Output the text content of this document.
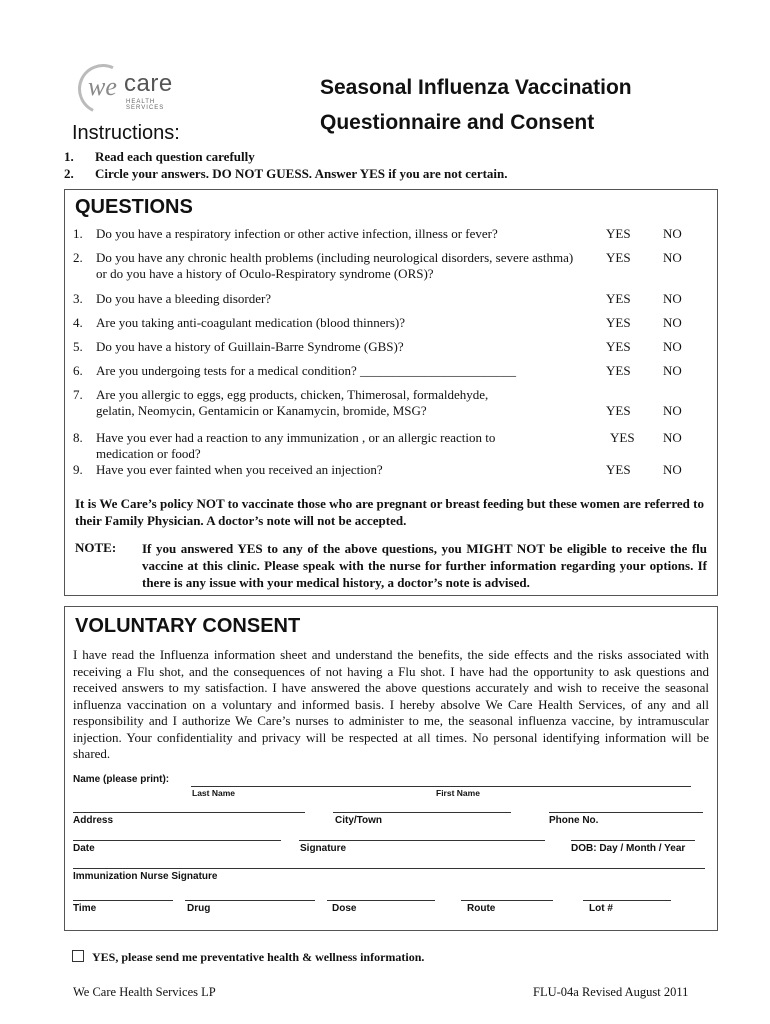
we care
HEALTH SERVICES
Seasonal Influenza Vaccination
Questionnaire and Consent
Instructions:
1. Read each question carefully
2. Circle your answers. DO NOT GUESS. Answer YES if you are not certain.
QUESTIONS
1. Do you have a respiratory infection or other active infection, illness or fever?	YES NO
2. Do you have any chronic health problems (including neurological disorders, severe asthma)
or do you have a history of Oculo-Respiratory syndrome (ORS)?
YES NO
3. Do you have a bleeding disorder?	YES NO
4. Are you taking anti-coagulant medication (blood thinners)?	YES NO
5. Do you have a history of Guillain-Barre Syndrome (GBS)?	YES NO
6. Are you undergoing tests for a medical condition? ________________________	YES NO
7. Are you allergic to eggs, egg products, chicken, Thimerosal, formaldehyde,
gelatin, Neomycin, Gentamicin or Kanamycin, bromide, MSG?	YES NO
8. Have you ever had a reaction to any immunization , or an allergic reaction to
medication or food?
YES NO
9. Have you ever fainted when you received an injection?	YES NO
It is We Care’s policy NOT to vaccinate those who are pregnant or breast feeding but these women are referred to their Family Physician. A doctor’s note will not be accepted.
NOTE: If you answered YES to any of the above questions, you MIGHT NOT be eligible to receive the flu vaccine at this clinic. Please speak with the nurse for further information regarding your options. If there is any issue with your medical history, a doctor’s note is advised.
VOLUNTARY CONSENT
I have read the Influenza information sheet and understand the benefits, the side effects and the risks associated with receiving a Flu shot, and the consequences of not having a Flu shot. I have had the opportunity to ask questions and received answers to my satisfaction. I have answered the above questions accurately and wish to receive the seasonal influenza vaccination on a voluntary and informed basis. I hereby absolve We Care Health Services, of any and all responsibility and I authorize We Care’s nurses to administer to me, the seasonal influenza vaccine, by intramuscular injection. Your confidentiality and privacy will be respected at all times. No personal identifying information will be shared.
Name (please print):
Last Name	First Name
Address	City/Town	Phone No.
Date	Signature	DOB: Day / Month / Year
Immunization Nurse Signature
Time	Drug	Dose	Route	Lot #
YES, please send me preventative health & wellness information.
We Care Health Services LP	FLU-04a Revised August 2011
